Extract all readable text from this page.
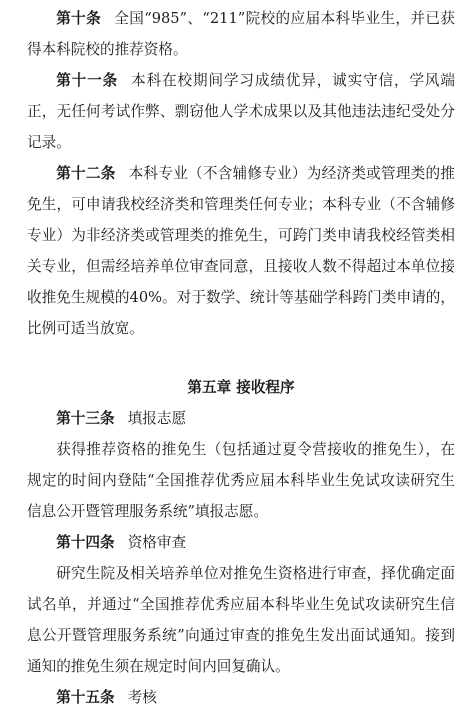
第十条 全国“985”、“211”院校的应届本科毕业生，并已获得本科院校的推荐资格。

第十一条 本科在校期间学习成绩优异，诚实守信，学风端正，无任何考试作弊、剽窃他人学术成果以及其他违法违纪受处分记录。

第十二条 本科专业（不含辅修专业）为经济类或管理类的推免生，可申请我校经济类和管理类任何专业；本科专业（不含辅修专业）为非经济类或管理类的推免生，可跨门类申请我校经管类相关专业，但需经培养单位审查同意，且接收人数不得超过本单位接收推免生规模的40%。对于数学、统计等基础学科跨门类申请的，比例可适当放宽。

第五章 接收程序

第十三条 填报志愿

获得推荐资格的推免生（包括通过夏令营接收的推免生），在规定的时间内登陆“全国推荐优秀应届本科毕业生免试攻读研究生信息公开暨管理服务系统”填报志愿。

第十四条 资格审查

研究生院及相关培养单位对推免生资格进行审查，择优确定面试名单，并通过“全国推荐优秀应届本科毕业生免试攻读研究生信息公开暨管理服务系统”向通过审查的推免生发出面试通知。接到通知的推免生须在规定时间内回复确认。

第十五条 考核
